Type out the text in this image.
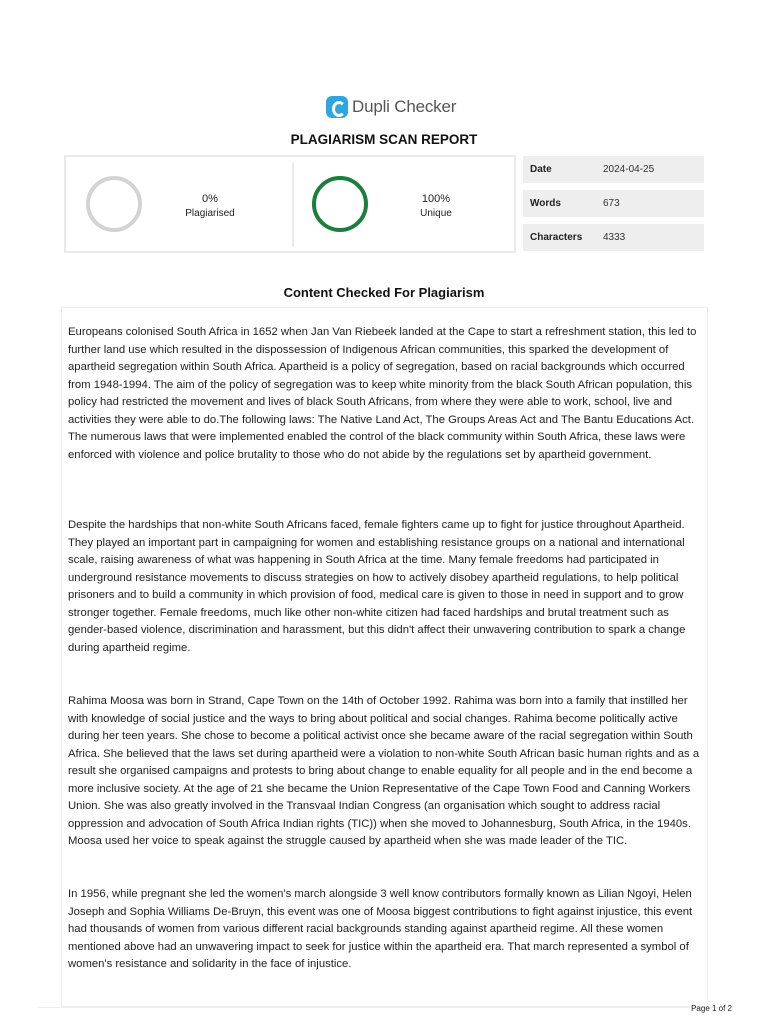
Dupli Checker
PLAGIARISM SCAN REPORT
0%
Plagiarised
100%
Unique
Date	2024-04-25
Words	673
Characters	4333
Content Checked For Plagiarism

Europeans colonised South Africa in 1652 when Jan Van Riebeek landed at the Cape to start a refreshment station, this led to further land use which resulted in the dispossession of Indigenous African communities, this sparked the development of apartheid segregation within South Africa. Apartheid is a policy of segregation, based on racial backgrounds which occurred from 1948-1994. The aim of the policy of segregation was to keep white minority from the black South African population, this policy had restricted the movement and lives of black South Africans, from where they were able to work, school, live and activities they were able to do.The following laws: The Native Land Act, The Groups Areas Act and The Bantu Educations Act. The numerous laws that were implemented enabled the control of the black community within South Africa, these laws were enforced with violence and police brutality to those who do not abide by the regulations set by apartheid government.

Despite the hardships that non-white South Africans faced, female fighters came up to fight for justice throughout Apartheid. They played an important part in campaigning for women and establishing resistance groups on a national and international scale, raising awareness of what was happening in South Africa at the time. Many female freedoms had participated in underground resistance movements to discuss strategies on how to actively disobey apartheid regulations, to help political prisoners and to build a community in which provision of food, medical care is given to those in need in support and to grow stronger together. Female freedoms, much like other non-white citizen had faced hardships and brutal treatment such as gender-based violence, discrimination and harassment, but this didn't affect their unwavering contribution to spark a change during apartheid regime.

Rahima Moosa was born in Strand, Cape Town on the 14th of October 1992. Rahima was born into a family that instilled her with knowledge of social justice and the ways to bring about political and social changes. Rahima become politically active during her teen years. She chose to become a political activist once she became aware of the racial segregation within South Africa. She believed that the laws set during apartheid were a violation to non-white South African basic human rights and as a result she organised campaigns and protests to bring about change to enable equality for all people and in the end become a more inclusive society. At the age of 21 she became the Union Representative of the Cape Town Food and Canning Workers Union. She was also greatly involved in the Transvaal Indian Congress (an organisation which sought to address racial oppression and advocation of South Africa Indian rights (TIC)) when she moved to Johannesburg, South Africa, in the 1940s. Moosa used her voice to speak against the struggle caused by apartheid when she was made leader of the TIC.

In 1956, while pregnant she led the women's march alongside 3 well know contributors formally known as Lilian Ngoyi, Helen Joseph and Sophia Williams De-Bruyn, this event was one of Moosa biggest contributions to fight against injustice, this event had thousands of women from various different racial backgrounds standing against apartheid regime. All these women mentioned above had an unwavering impact to seek for justice within the apartheid era. That march represented a symbol of women's resistance and solidarity in the face of injustice.

Page 1 of 2
